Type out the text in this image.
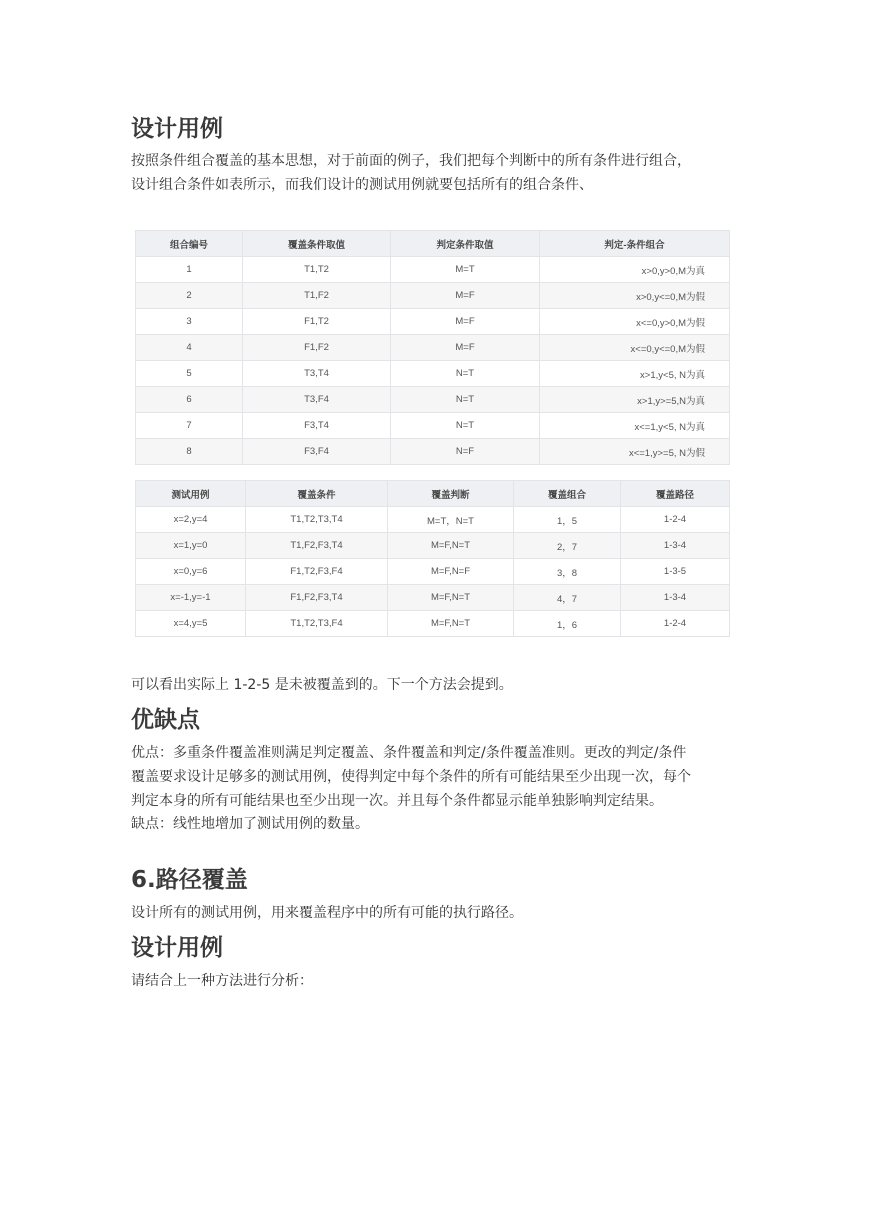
设计用例

按照条件组合覆盖的基本思想，对于前面的例子，我们把每个判断中的所有条件进行组合，

设计组合条件如表所示，而我们设计的测试用例就要包括所有的组合条件、

组合编号	覆盖条件取值	判定条件取值	判定-条件组合
1	T1,T2	M=T	x>0,y>0,M为真
2	T1,F2	M=F	x>0,y<=0,M为假
3	F1,T2	M=F	x<=0,y>0,M为假
4	F1,F2	M=F	x<=0,y<=0,M为假
5	T3,T4	N=T	x>1,y<5, N为真
6	T3,F4	N=T	x>1,y>=5,N为真
7	F3,T4	N=T	x<=1,y<5, N为真
8	F3,F4	N=F	x<=1,y>=5, N为假
测试用例	覆盖条件	覆盖判断	覆盖组合	覆盖路径
x=2,y=4	T1,T2,T3,T4	M=T，N=T	1，5	1-2-4
x=1,y=0	T1,F2,F3,T4	M=F,N=T	2，7	1-3-4
x=0,y=6	F1,T2,F3,F4	M=F,N=F	3，8	1-3-5
x=-1,y=-1	F1,F2,F3,T4	M=F,N=T	4，7	1-3-4
x=4,y=5	T1,T2,T3,F4	M=F,N=T	1，6	1-2-4

可以看出实际上 1-2-5 是未被覆盖到的。下一个方法会提到。

优缺点

优点：多重条件覆盖准则满足判定覆盖、条件覆盖和判定/条件覆盖准则。更改的判定/条件

覆盖要求设计足够多的测试用例，使得判定中每个条件的所有可能结果至少出现一次，每个

判定本身的所有可能结果也至少出现一次。并且每个条件都显示能单独影响判定结果。

缺点：线性地增加了测试用例的数量。

6.路径覆盖

设计所有的测试用例，用来覆盖程序中的所有可能的执行路径。

设计用例

请结合上一种方法进行分析：
